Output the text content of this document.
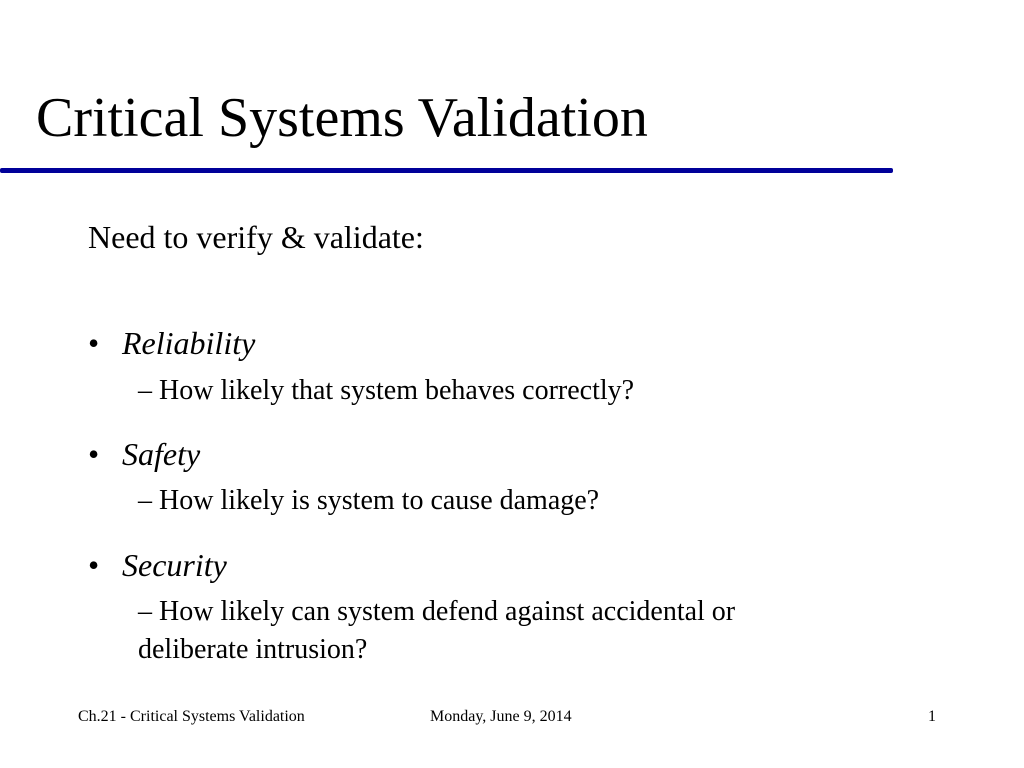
Critical Systems Validation
Need to verify & validate:
• Reliability
– How likely that system behaves correctly?
• Safety
– How likely is system to cause damage?
• Security
– How likely can system defend against accidental or
deliberate intrusion?
Ch.21 - Critical Systems Validation	Monday, June 9, 2014	1
